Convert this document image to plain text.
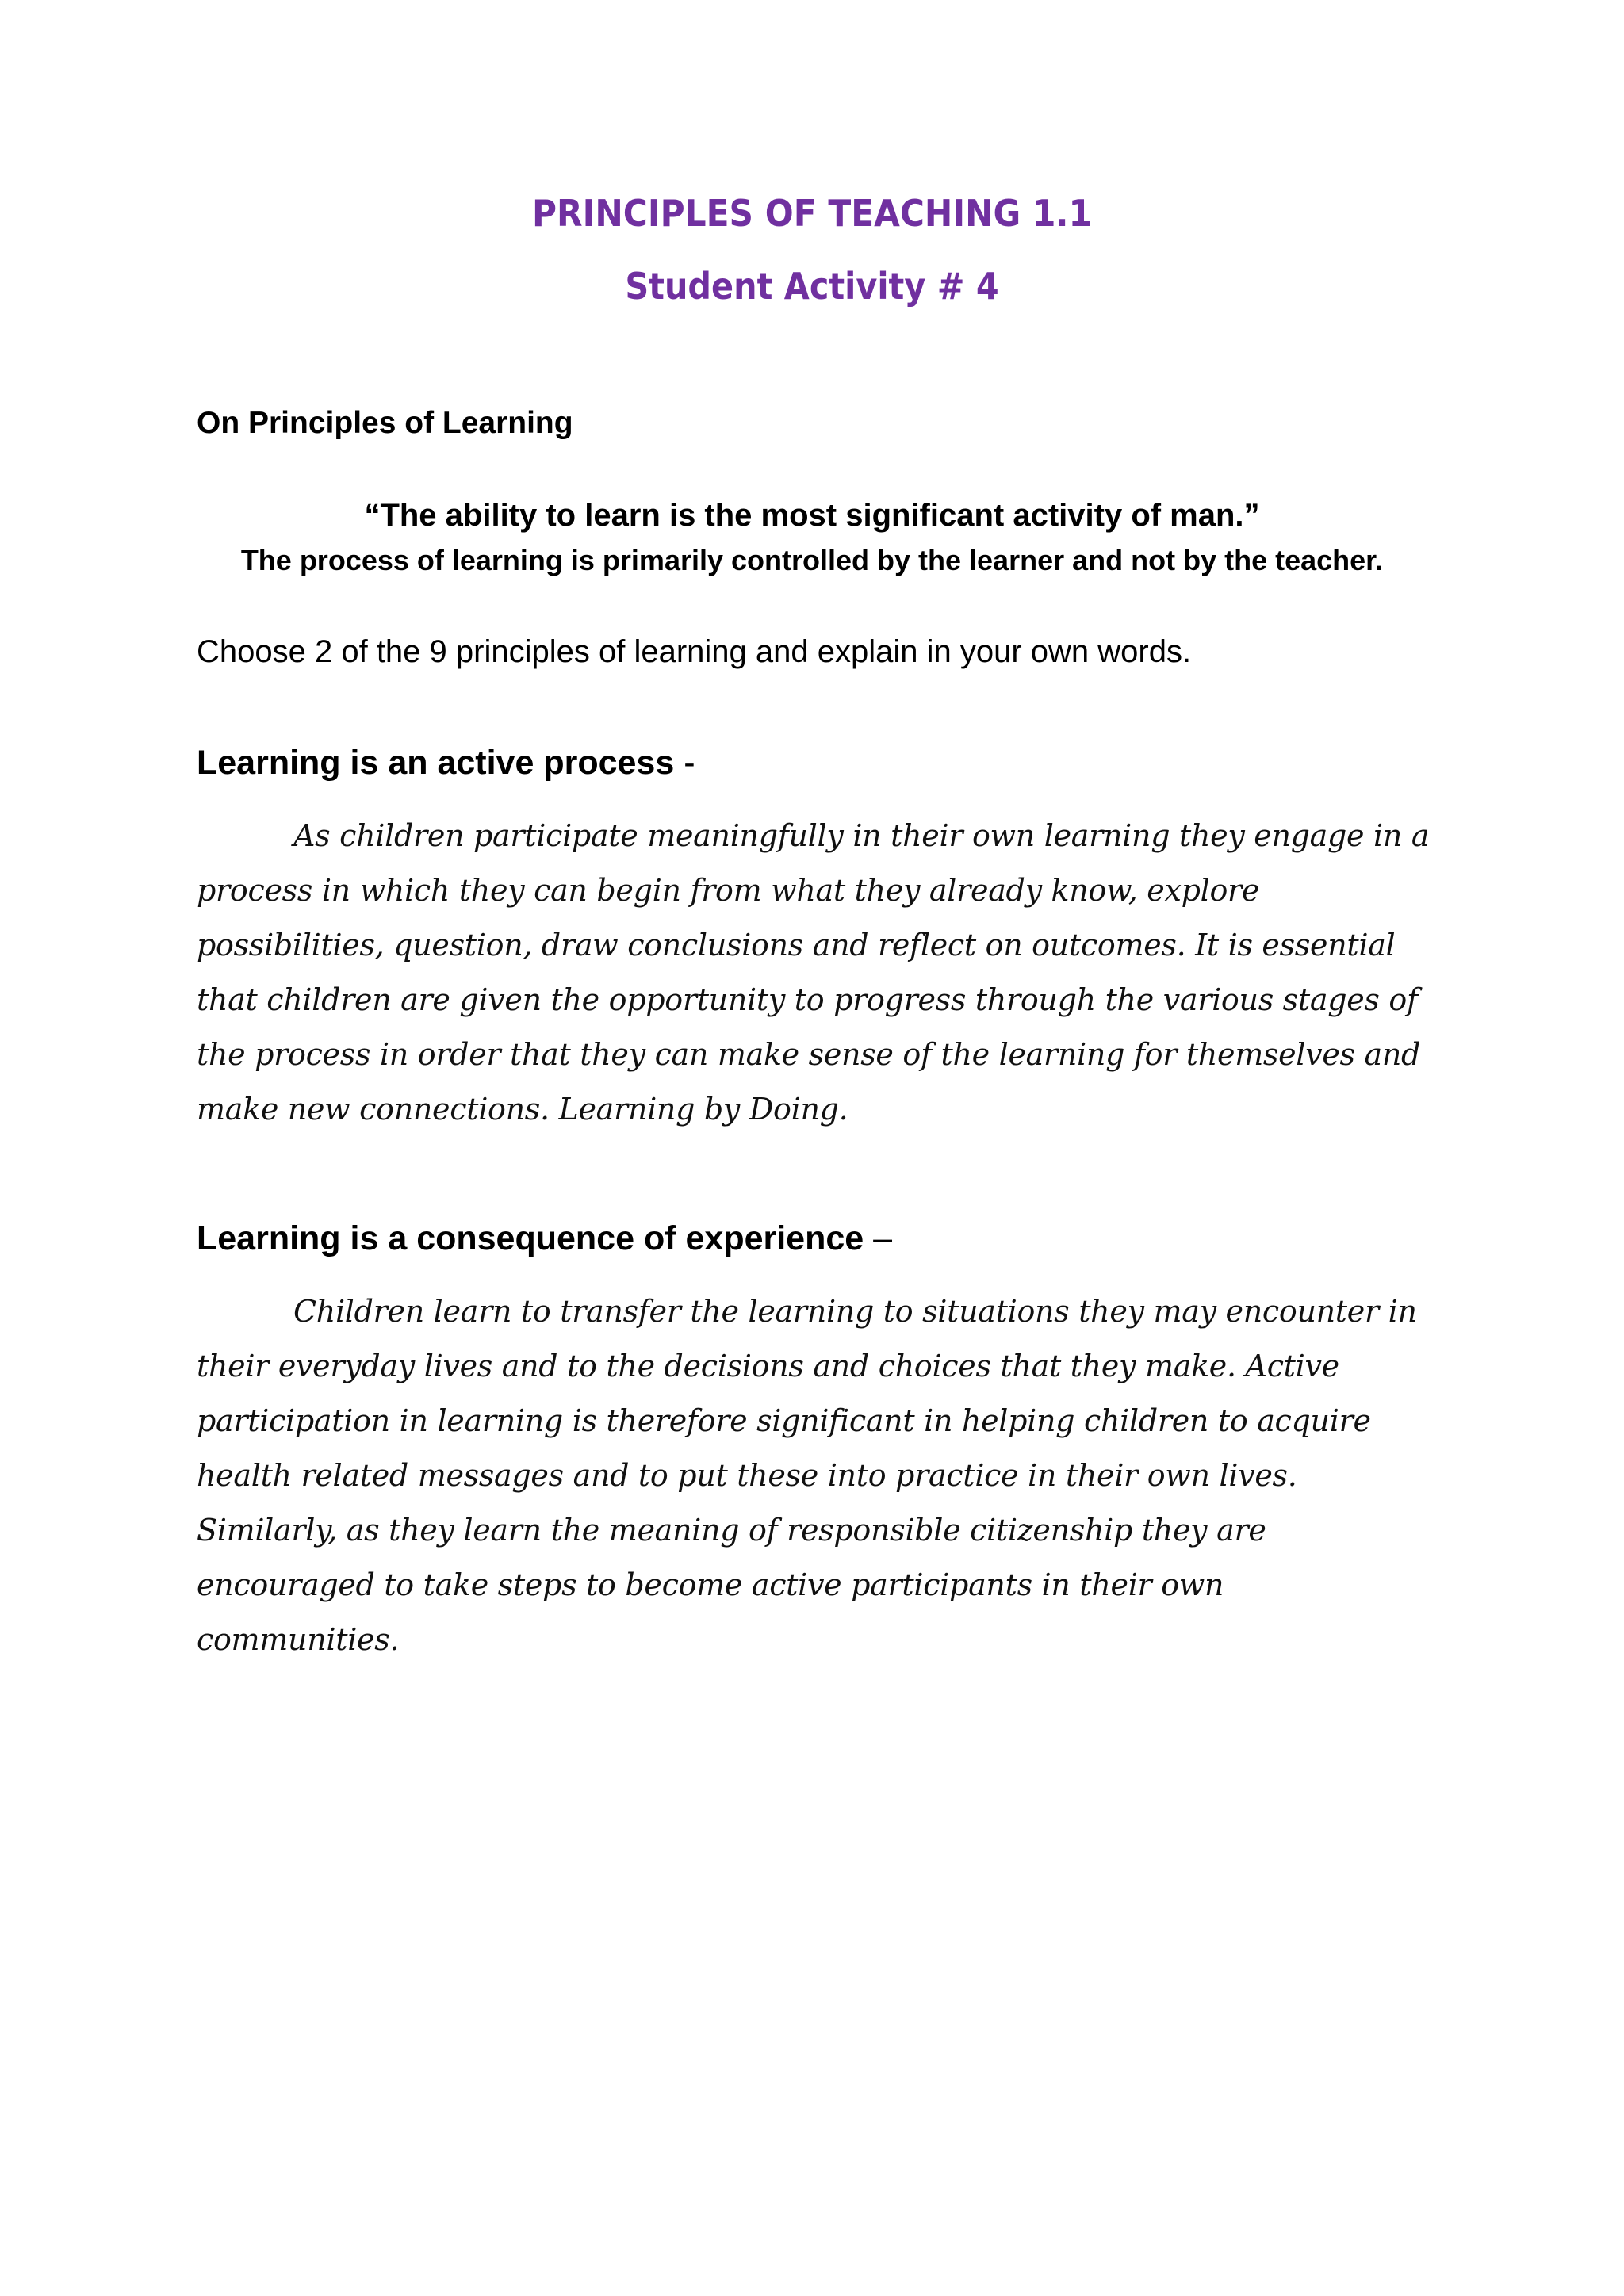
PRINCIPLES OF TEACHING 1.1
Student Activity # 4
On Principles of Learning
“The ability to learn is the most significant activity of man.”
The process of learning is primarily controlled by the learner and not by the teacher.
Choose 2 of the 9 principles of learning and explain in your own words.
Learning is an active process -
As children participate meaningfully in their own learning they engage in a process in which they can begin from what they already know, explore possibilities, question, draw conclusions and reflect on outcomes. It is essential that children are given the opportunity to progress through the various stages of the process in order that they can make sense of the learning for themselves and make new connections. Learning by Doing.
Learning is a consequence of experience –
Children learn to transfer the learning to situations they may encounter in their everyday lives and to the decisions and choices that they make. Active participation in learning is therefore significant in helping children to acquire health related messages and to put these into practice in their own lives. Similarly, as they learn the meaning of responsible citizenship they are encouraged to take steps to become active participants in their own communities.
